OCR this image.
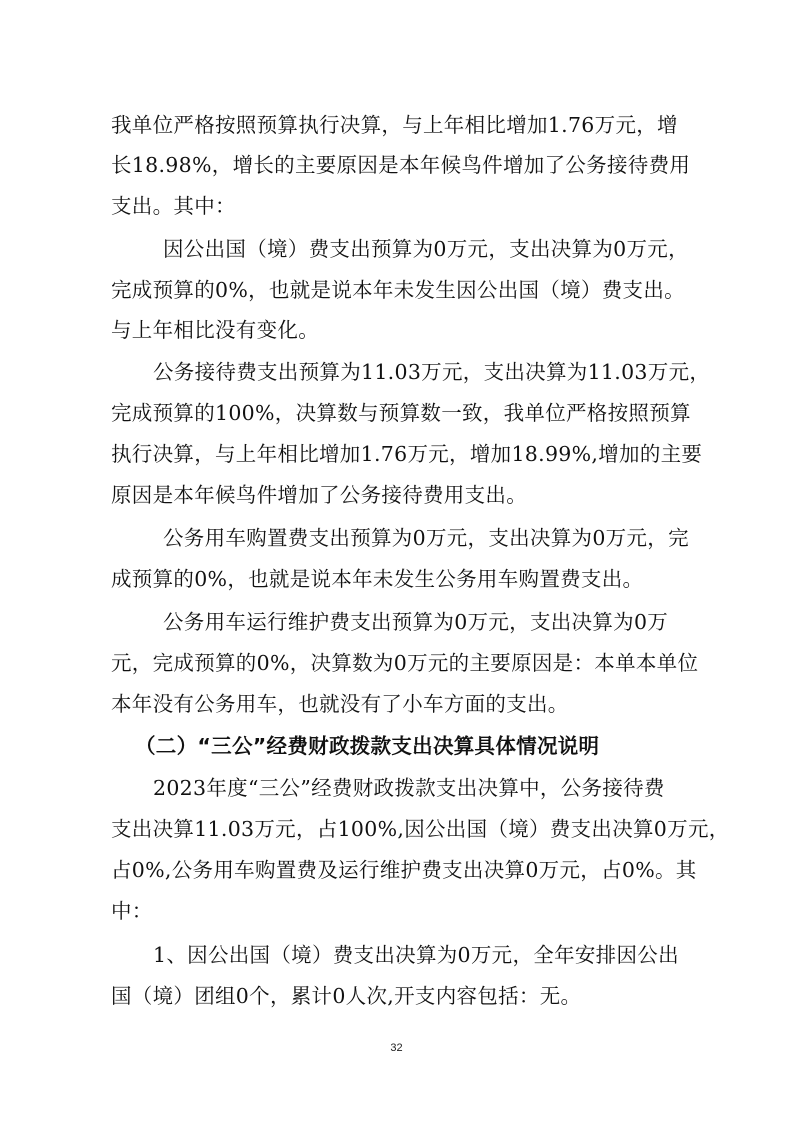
我单位严格按照预算执行决算，与上年相比增加1.76万元，增
长18.98%，增长的主要原因是本年候鸟件增加了公务接待费用
支出。其中：
因公出国（境）费支出预算为0万元，支出决算为0万元，
完成预算的0%，也就是说本年未发生因公出国（境）费支出。
与上年相比没有变化。
公务接待费支出预算为11.03万元，支出决算为11.03万元，
完成预算的100%，决算数与预算数一致，我单位严格按照预算
执行决算，与上年相比增加1.76万元，增加18.99%,增加的主要
原因是本年候鸟件增加了公务接待费用支出。
公务用车购置费支出预算为0万元，支出决算为0万元，完
成预算的0%，也就是说本年未发生公务用车购置费支出。
公务用车运行维护费支出预算为0万元，支出决算为0万
元，完成预算的0%，决算数为0万元的主要原因是：本单本单位
本年没有公务用车，也就没有了小车方面的支出。
（二）“三公”经费财政拨款支出决算具体情况说明
2023年度“三公”经费财政拨款支出决算中，公务接待费
支出决算11.03万元，占100%,因公出国（境）费支出决算0万元，
占0%,公务用车购置费及运行维护费支出决算0万元，占0%。其
中：
1、因公出国（境）费支出决算为0万元，全年安排因公出
国（境）团组0个，累计0人次,开支内容包括：无。
32
